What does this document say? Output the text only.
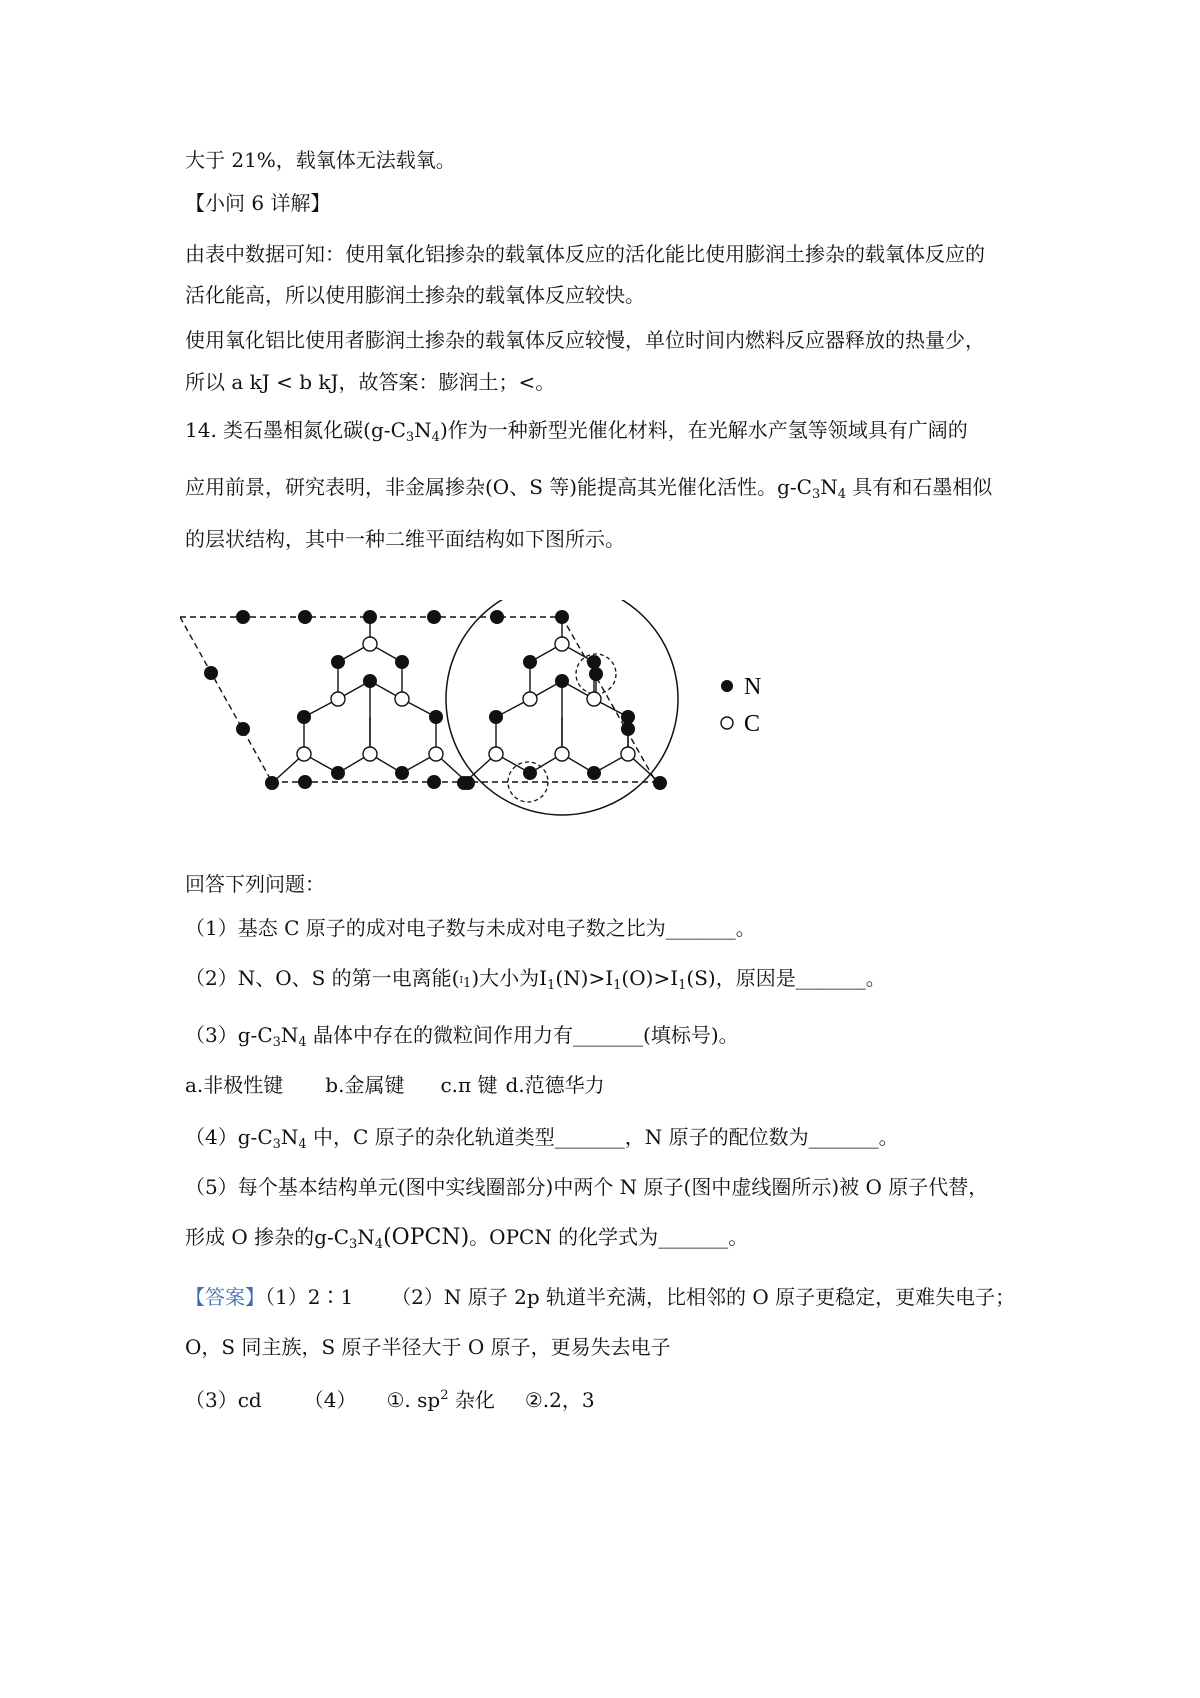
大于 21%，载氧体无法载氧。
【小问 6 详解】
由表中数据可知：使用氧化铝掺杂的载氧体反应的活化能比使用膨润土掺杂的载氧体反应的
活化能高，所以使用膨润土掺杂的载氧体反应较快。
使用氧化铝比使用者膨润土掺杂的载氧体反应较慢，单位时间内燃料反应器释放的热量少，
所以 a kJ < b kJ，故答案：膨润土；<。
14. 类石墨相氮化碳$(g-C_3N_4)$作为一种新型光催化材料，在光解水产氢等领域具有广阔的
应用前景，研究表明，非金属掺杂(O、S 等)能提高其光催化活性。$g-C_3N_4$ 具有和石墨相似
的层状结构，其中一种二维平面结构如下图所示。
N
C
回答下列问题：
（1）基态 C 原子的成对电子数与未成对电子数之比为_______。
（2）N、O、S 的第一电离能$(I_1)$大小为$I_1(N)>I_1(O)>I_1(S)$，原因是_______。
$(3)g-C_3N_4$ 晶体中存在的微粒间作用力有_______(填标号)。
a.非极性键 b.金属键 c.π 键 d.范德华力
$(4)g-C_3N_4$ 中，C 原子的杂化轨道类型_______，N 原子的配位数为_______。
（5）每个基本结构单元(图中实线圈部分)中两个 N 原子(图中虚线圈所示)被 O 原子代替，
形成 O 掺杂的$g-C_3N_4(OPCN)$。OPCN 的化学式为_______。
【答案】（1）2∶1 （2）N 原子 2p 轨道半充满，比相邻的 O 原子更稳定，更难失电子；
O，S 同主族，S 原子半径大于 O 原子，更易失去电子
（3）cd （4） ①. $sp^2$ 杂化 ②.2，3
